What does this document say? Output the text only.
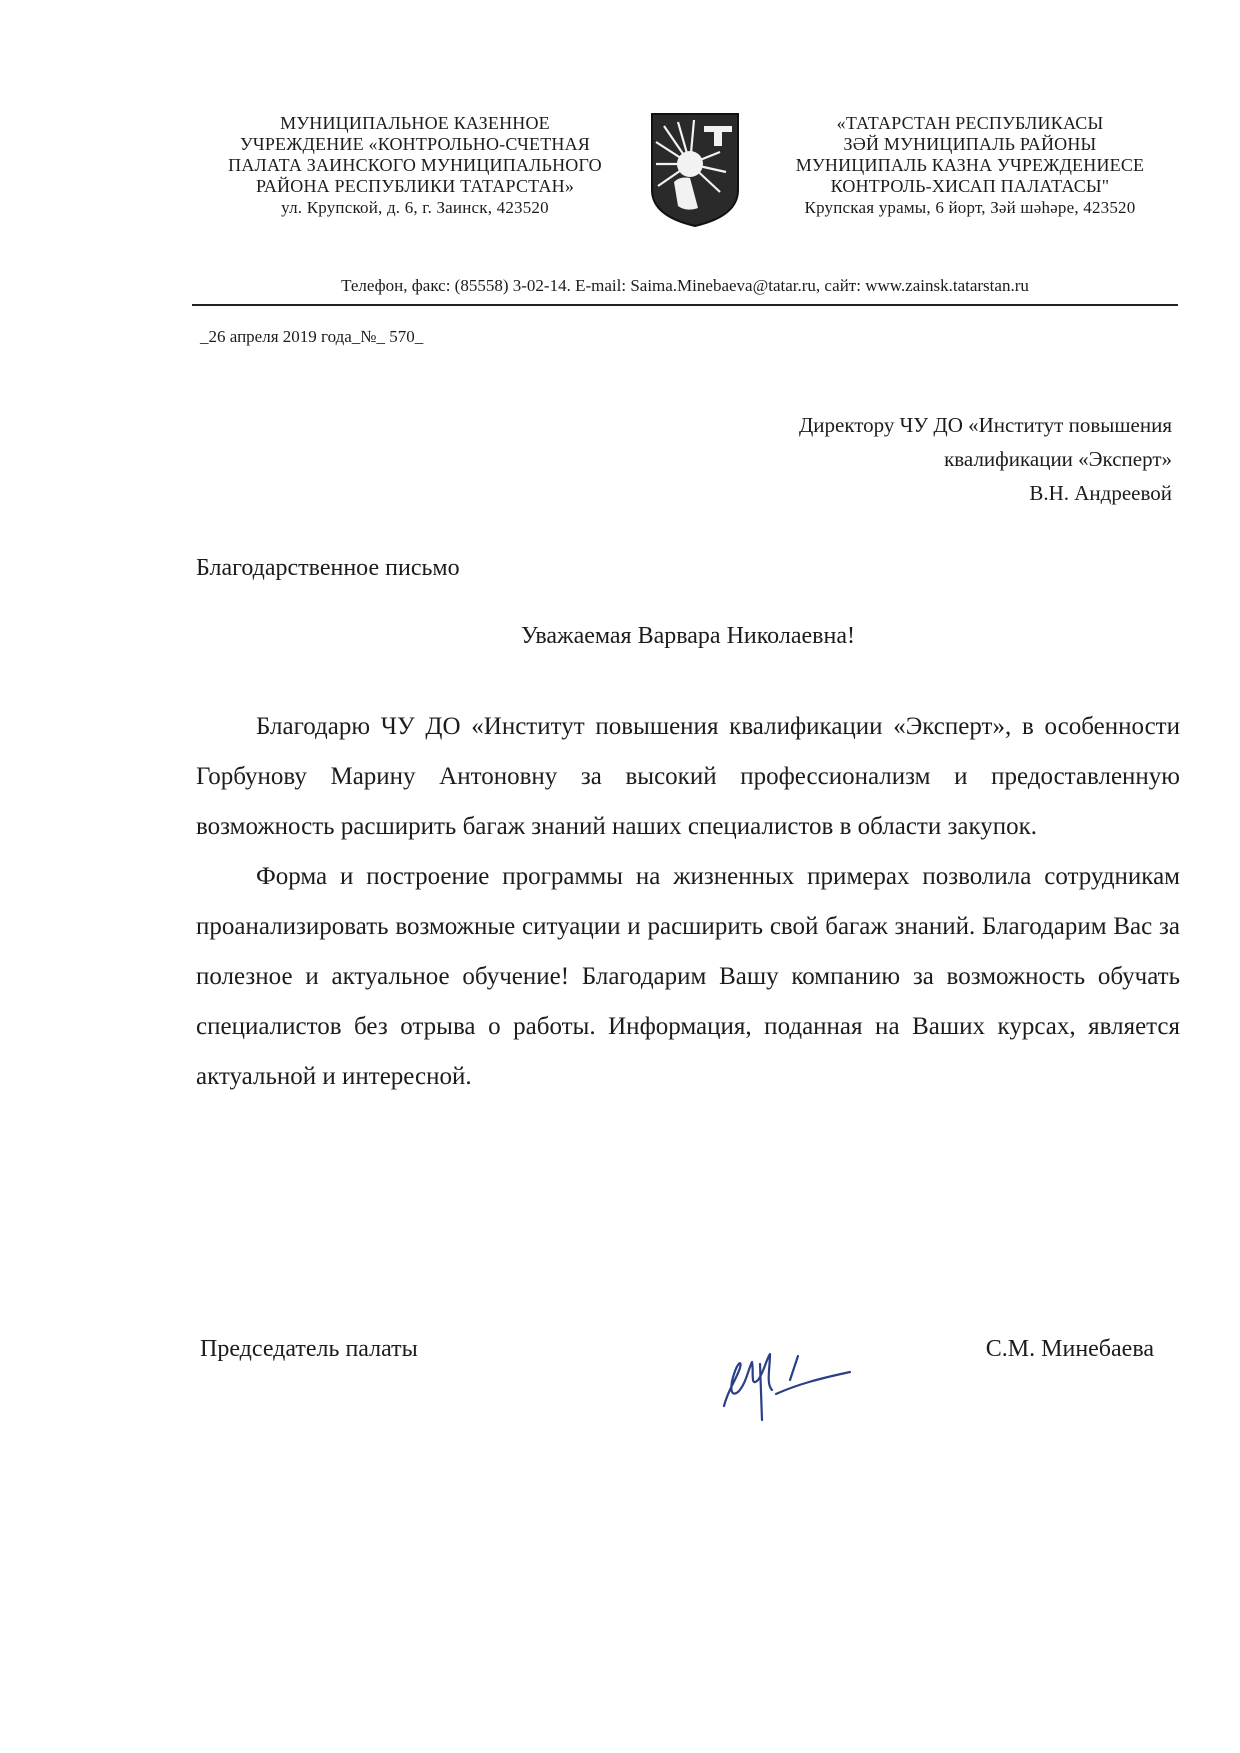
МУНИЦИПАЛЬНОЕ КАЗЕННОЕ
УЧРЕЖДЕНИЕ «КОНТРОЛЬНО-СЧЕТНАЯ
ПАЛАТА ЗАИНСКОГО МУНИЦИПАЛЬНОГО
РАЙОНА РЕСПУБЛИКИ ТАТАРСТАН»
ул. Крупской, д. 6, г. Заинск, 423520
«ТАТАРСТАН РЕСПУБЛИКАСЫ
ЗӘЙ МУНИЦИПАЛЬ РАЙОНЫ
МУНИЦИПАЛЬ КАЗНА УЧРЕЖДЕНИЕСЕ
КОНТРОЛЬ-ХИСАП ПАЛАТАСЫ"
Крупская урамы, 6 йорт, Зәй шәһәре, 423520
Телефон, факс: (85558) 3-02-14. E-mail: Saima.Minebaeva@tatar.ru, сайт: www.zainsk.tatarstan.ru
_26 апреля 2019 года_№_ 570_
Директору ЧУ ДО «Институт повышения
квалификации «Эксперт»
В.Н. Андреевой
Благодарственное письмо
Уважаемая Варвара Николаевна!

Благодарю ЧУ ДО «Институт повышения квалификации «Эксперт», в особенности Горбунову Марину Антоновну за высокий профессионализм и предоставленную возможность расширить багаж знаний наших специалистов в области закупок.

Форма и построение программы на жизненных примерах позволила сотрудникам проанализировать возможные ситуации и расширить свой багаж знаний. Благодарим Вас за полезное и актуальное обучение! Благодарим Вашу компанию за возможность обучать специалистов без отрыва о работы. Информация, поданная на Ваших курсах, является актуальной и интересной.

Председатель палаты	С.М. Минебаева
